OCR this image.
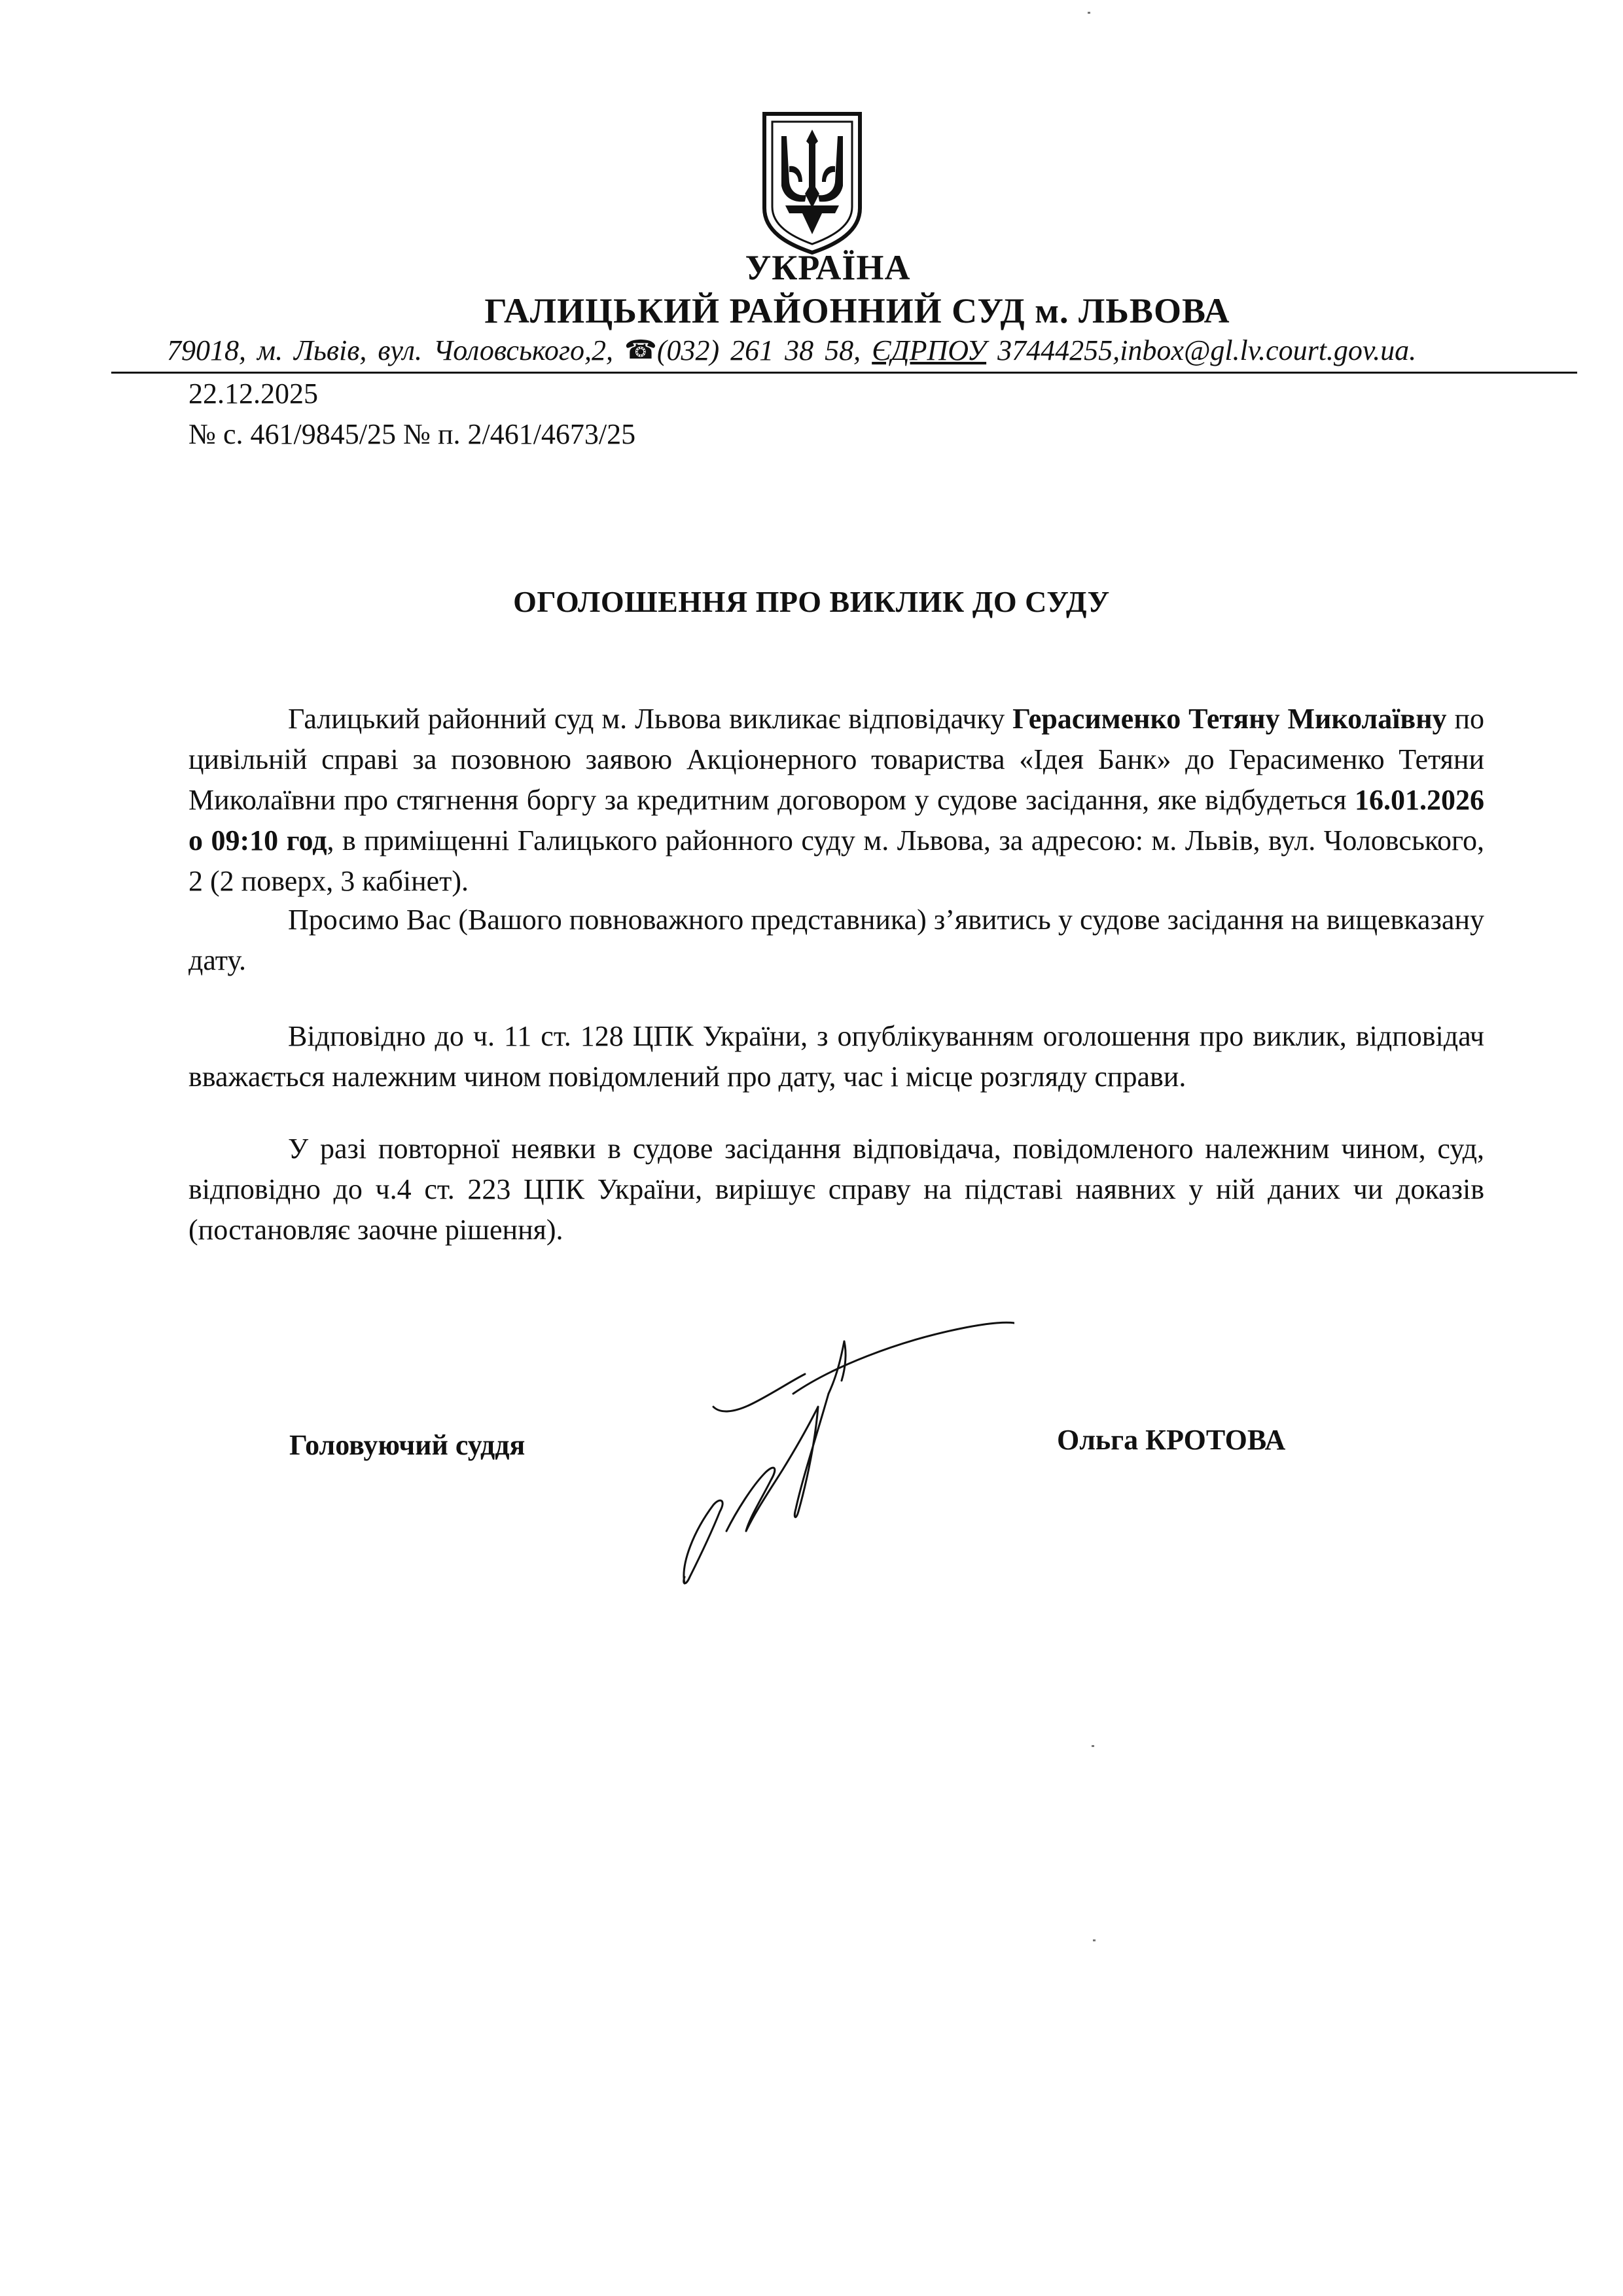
УКРАЇНА
ГАЛИЦЬКИЙ РАЙОННИЙ СУД м. ЛЬВОВА
79018, м. Львів, вул. Чоловського,2, ☎(032) 261 38 58, ЄДРПОУ 37444255,inbox@gl.lv.court.gov.ua.
22.12.2025
№ с. 461/9845/25 № п. 2/461/4673/25
ОГОЛОШЕННЯ ПРО ВИКЛИК ДО СУДУ

Галицький районний суд м. Львова викликає відповідачку Герасименко Тетяну Миколаївну по цивільній справі за позовною заявою Акціонерного товариства «Ідея Банк» до Герасименко Тетяни Миколаївни про стягнення боргу за кредитним договором у судове засідання, яке відбудеться 16.01.2026 о 09:10 год, в приміщенні Галицького районного суду м. Львова, за адресою: м. Львів, вул. Чоловського, 2 (2 поверх, 3 кабінет).

Просимо Вас (Вашого повноважного представника) з’явитись у судове засідання на вищевказану дату.

Відповідно до ч. 11 ст. 128 ЦПК України, з опублікуванням оголошення про виклик, відповідач вважається належним чином повідомлений про дату, час і місце розгляду справи.

У разі повторної неявки в судове засідання відповідача, повідомленого належним чином, суд, відповідно до ч.4 ст. 223 ЦПК України, вирішує справу на підставі наявних у ній даних чи доказів (постановляє заочне рішення).

Головуючий суддя	Ольга КРОТОВА
